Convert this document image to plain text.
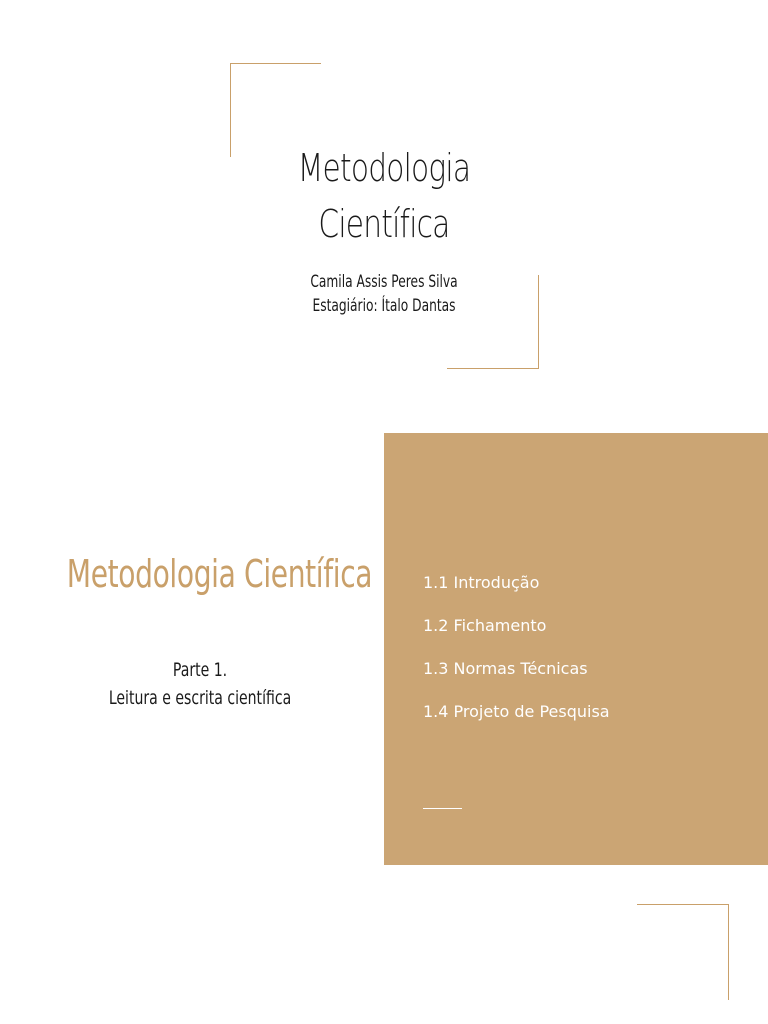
Metodologia
Científica
Camila Assis Peres Silva
Estagiário: Ítalo Dantas
Metodologia Científica
Parte 1.
Leitura e escrita científica
1.1 Introdução
1.2 Fichamento
1.3 Normas Técnicas
1.4 Projeto de Pesquisa
